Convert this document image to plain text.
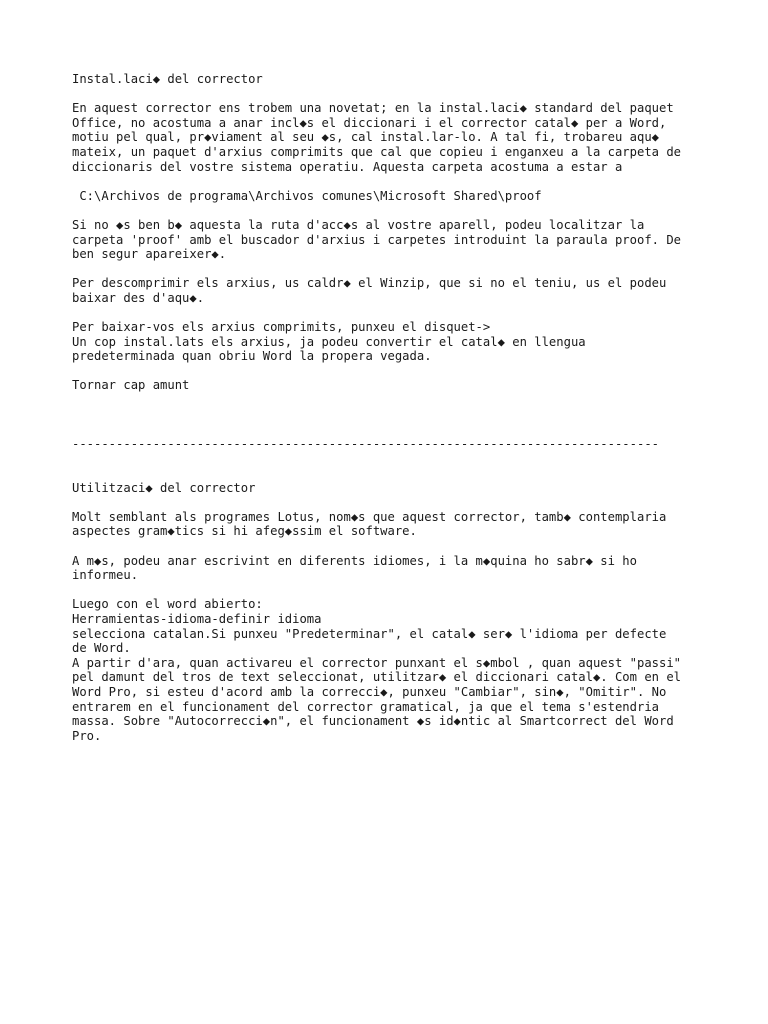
Instal.laci◆ del corrector

En aquest corrector ens trobem una novetat; en la instal.laci◆ standard del paquet
Office, no acostuma a anar incl◆s el diccionari i el corrector catal◆ per a Word,
motiu pel qual, pr◆viament al seu ◆s, cal instal.lar-lo. A tal fi, trobareu aqu◆
mateix, un paquet d'arxius comprimits que cal que copieu i enganxeu a la carpeta de
diccionaris del vostre sistema operatiu. Aquesta carpeta acostuma a estar a

C:\Archivos de programa\Archivos comunes\Microsoft Shared\proof

Si no ◆s ben b◆ aquesta la ruta d'acc◆s al vostre aparell, podeu localitzar la
carpeta 'proof' amb el buscador d'arxius i carpetes introduint la paraula proof. De
ben segur apareixer◆.

Per descomprimir els arxius, us caldr◆ el Winzip, que si no el teniu, us el podeu
baixar des d'aqu◆.

Per baixar-vos els arxius comprimits, punxeu el disquet->
Un cop instal.lats els arxius, ja podeu convertir el catal◆ en llengua
predeterminada quan obriu Word la propera vegada.

Tornar cap amunt

--------------------------------------------------------------------------------

Utilitzaci◆ del corrector

Molt semblant als programes Lotus, nom◆s que aquest corrector, tamb◆ contemplaria
aspectes gram◆tics si hi afeg◆ssim el software.

A m◆s, podeu anar escrivint en diferents idiomes, i la m◆quina ho sabr◆ si ho
informeu.

Luego con el word abierto:
Herramientas-idioma-definir idioma
selecciona catalan.Si punxeu "Predeterminar", el catal◆ ser◆ l'idioma per defecte
de Word.
A partir d'ara, quan activareu el corrector punxant el s◆mbol , quan aquest "passi"
pel damunt del tros de text seleccionat, utilitzar◆ el diccionari catal◆. Com en el
Word Pro, si esteu d'acord amb la correcci◆, punxeu "Cambiar", sin◆, "Omitir". No
entrarem en el funcionament del corrector gramatical, ja que el tema s'estendria
massa. Sobre "Autocorrecci◆n", el funcionament ◆s id◆ntic al Smartcorrect del Word
Pro.
